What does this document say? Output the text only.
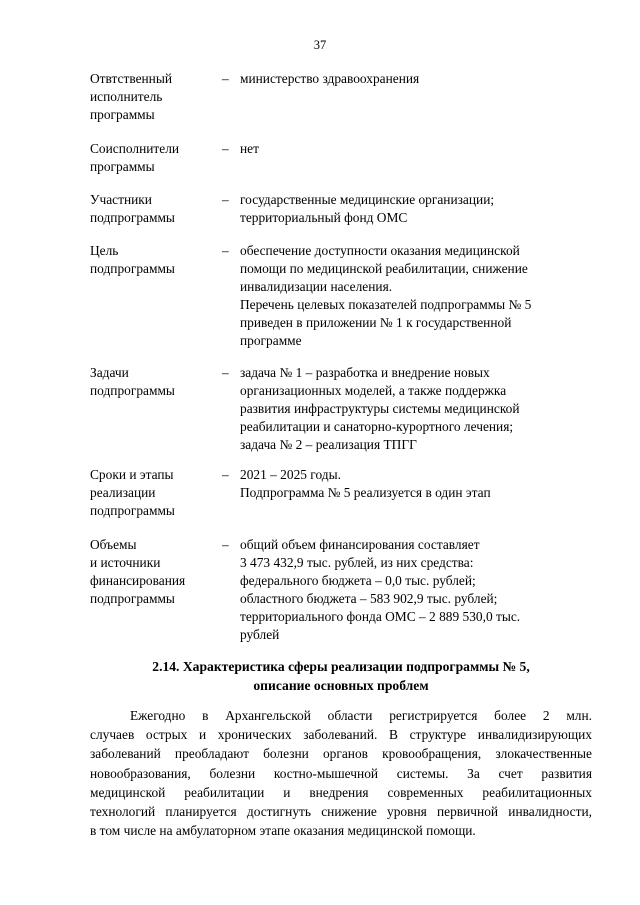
37
Отвтственный
исполнитель
программы
– министерство здравоохранения
Соисполнители
программы
– нет
Участники
подпрограммы
– государственные медицинские организации;
территориальный фонд ОМС
Цель
подпрограммы
– обеспечение доступности оказания медицинской
помощи по медицинской реабилитации, снижение
инвалидизации населения.
Перечень целевых показателей подпрограммы № 5
приведен в приложении № 1 к государственной
программе
Задачи
подпрограммы
– задача № 1 – разработка и внедрение новых
организационных моделей, а также поддержка
развития инфраструктуры системы медицинской
реабилитации и санаторно-курортного лечения;
задача № 2 – реализация ТПГГ
Сроки и этапы
реализации
подпрограммы
– 2021 – 2025 годы.
Подпрограмма № 5 реализуется в один этап
Объемы
и источники
финансирования
подпрограммы
– общий объем финансирования составляет
3 473 432,9 тыс. рублей, из них средства:
федерального бюджета – 0,0 тыс. рублей;
областного бюджета – 583 902,9 тыс. рублей;
территориального фонда ОМС – 2 889 530,0 тыс.
рублей
2.14. Характеристика сферы реализации подпрограммы № 5,
описание основных проблем
Ежегодно в Архангельской области регистрируется более 2 млн.
случаев острых и хронических заболеваний. В структуре инвалидизирующих
заболеваний преобладают болезни органов кровообращения, злокачественные
новообразования, болезни костно-мышечной системы. За счет развития
медицинской реабилитации и внедрения современных реабилитационных
технологий планируется достигнуть снижение уровня первичной инвалидности,
в том числе на амбулаторном этапе оказания медицинской помощи.
